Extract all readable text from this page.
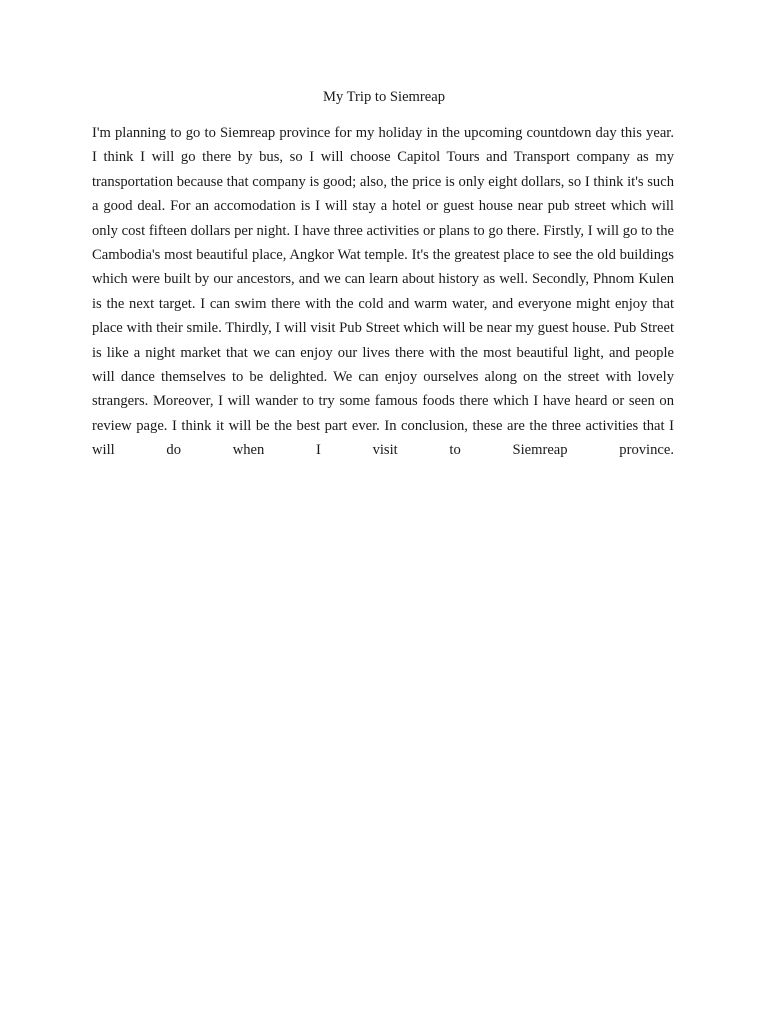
My Trip to Siemreap

I'm planning to go to Siemreap province for my holiday in the upcoming countdown day this year. I think I will go there by bus, so I will choose Capitol Tours and Transport company as my transportation because that company is good; also, the price is only eight dollars, so I think it's such a good deal. For an accomodation is I will stay a hotel or guest house near pub street which will only cost fifteen dollars per night. I have three activities or plans to go there. Firstly, I will go to the Cambodia's most beautiful place, Angkor Wat temple. It's the greatest place to see the old buildings which were built by our ancestors, and we can learn about history as well. Secondly, Phnom Kulen is the next target. I can swim there with the cold and warm water, and everyone might enjoy that place with their smile. Thirdly, I will visit Pub Street which will be near my guest house. Pub Street is like a night market that we can enjoy our lives there with the most beautiful light, and people will dance themselves to be delighted. We can enjoy ourselves along on the street with lovely strangers. Moreover, I will wander to try some famous foods there which I have heard or seen on review page. I think it will be the best part ever. In conclusion, these are the three activities that I will do when I visit to Siemreap province.
